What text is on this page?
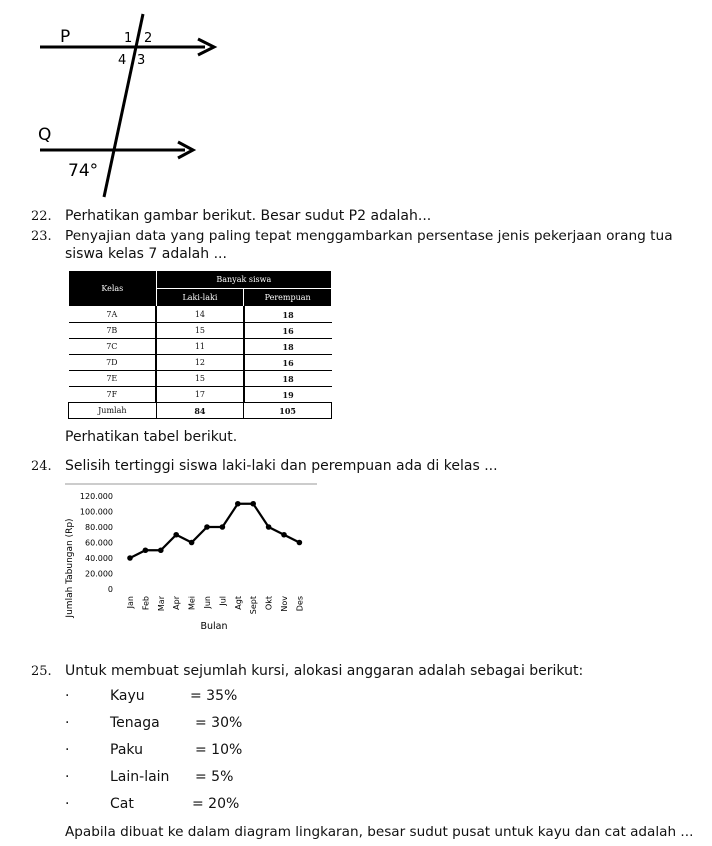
P
Q
1 2
4 3
74°
22. Perhatikan gambar berikut. Besar sudut P2 adalah...
23. Penyajian data yang paling tepat menggambarkan persentase jenis pekerjaan orang tua
siswa kelas 7 adalah ...
Kelas	Banyak siswa	
	Laki-laki	Perempuan
7A	14	18
7B	15	16
7C	11	18
7D	12	16
7E	15	18
7F	17	19
Jumlah	84	105
Perhatikan tabel berikut.
24. Selisih tertinggi siswa laki-laki dan perempuan ada di kelas ...
0
20.000
40.000
60.000
80.000
100.000
120.000
Jan Feb Mar Apr Mei Jun Jul Agt Sept Okt Nov Des
Jumlah Tabungan (Rp)
Bulan
25. Untuk membuat sejumlah kursi, alokasi anggaran adalah sebagai berikut:
·	Kayu	= 35%
·	Tenaga	= 30%
·	Paku	= 10%
·	Lain-lain = 5%
·	Cat	= 20%
Apabila dibuat ke dalam diagram lingkaran, besar sudut pusat untuk kayu dan cat adalah ...
